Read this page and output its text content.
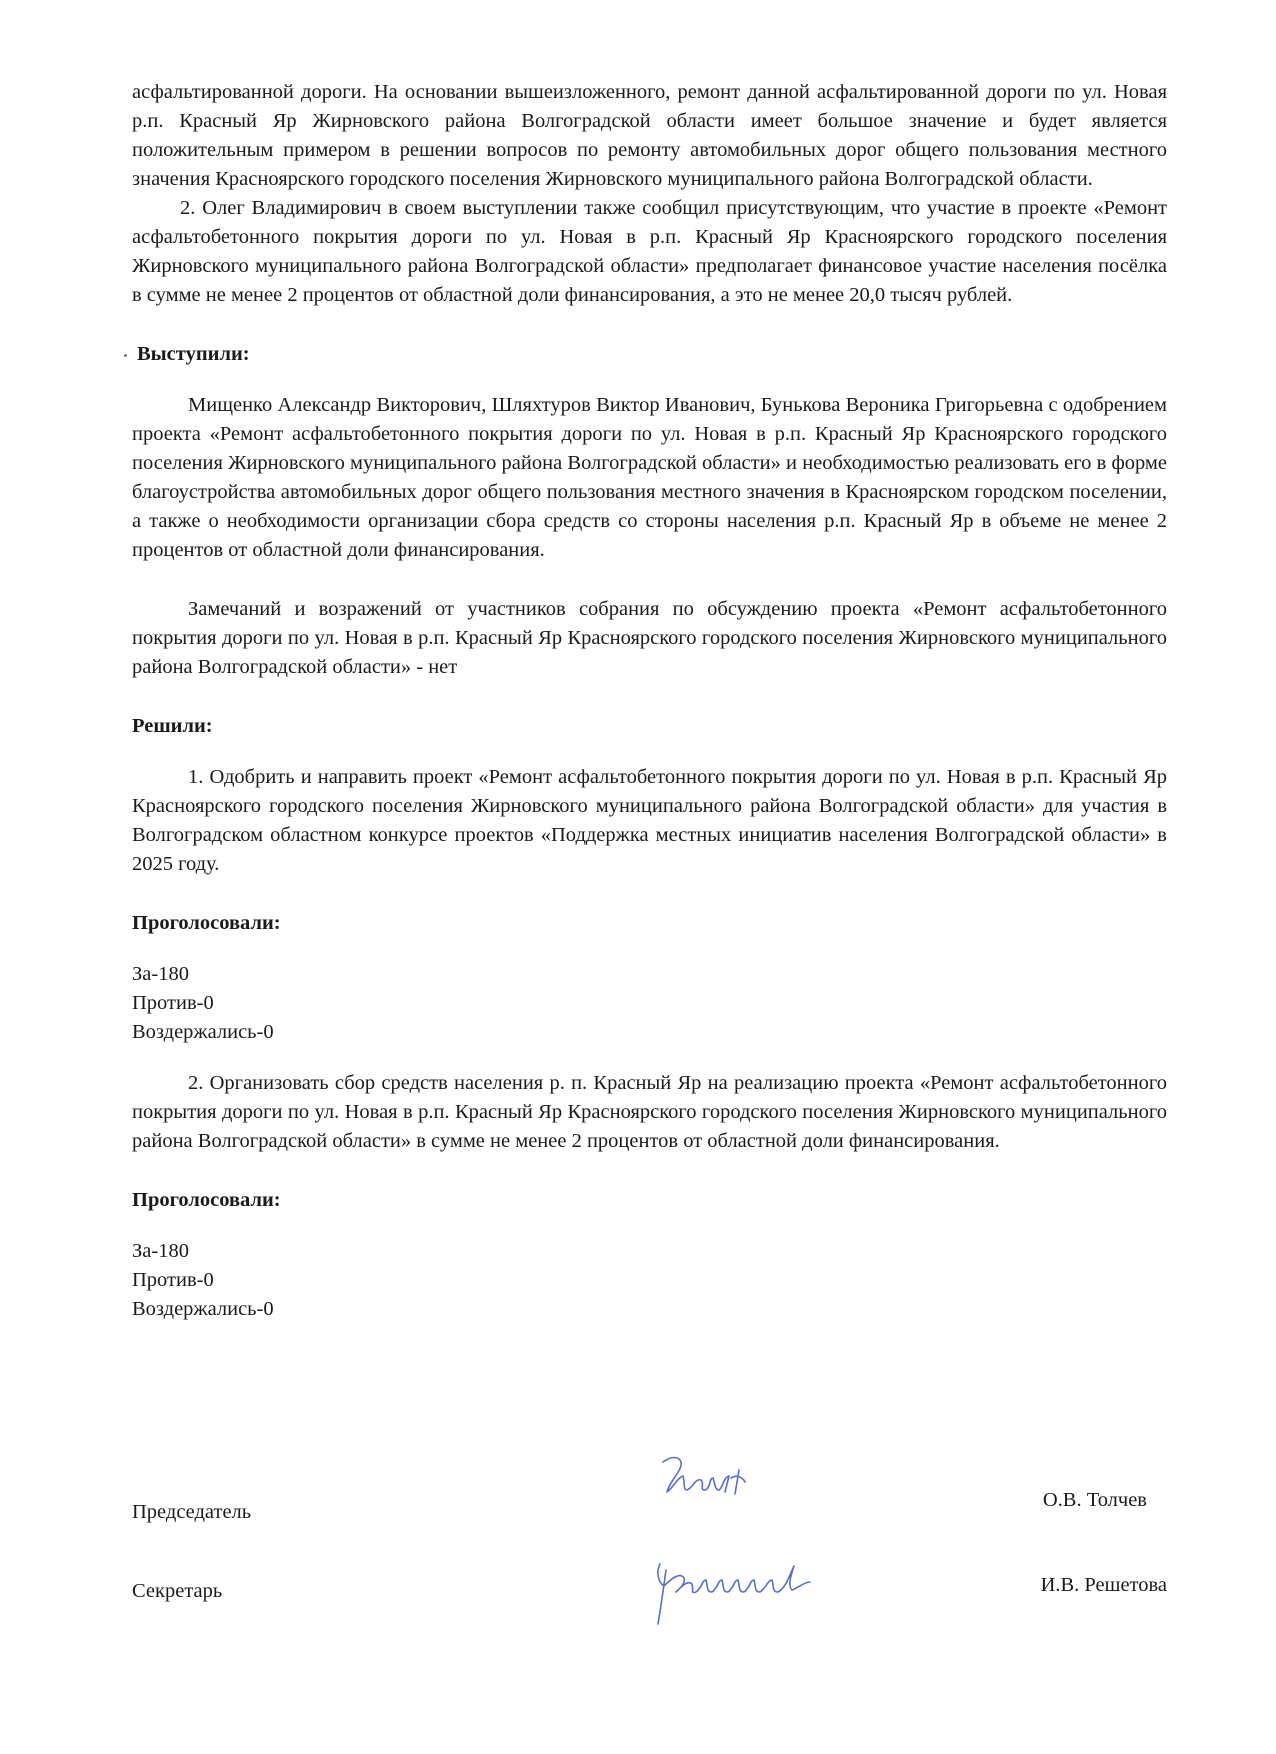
асфальтированной дороги. На основании вышеизложенного, ремонт данной асфальтированной дороги по ул. Новая р.п. Красный Яр Жирновского района Волгоградской области имеет большое значение и будет является положительным примером в решении вопросов по ремонту автомобильных дорог общего пользования местного значения Красноярского городского поселения Жирновского муниципального района Волгоградской области.

2. Олег Владимирович в своем выступлении также сообщил присутствующим, что участие в проекте «Ремонт асфальтобетонного покрытия дороги по ул. Новая в р.п. Красный Яр Красноярского городского поселения Жирновского муниципального района Волгоградской области» предполагает финансовое участие населения посёлка в сумме не менее 2 процентов от областной доли финансирования, а это не менее 20,0 тысяч рублей.

Выступили:

Мищенко Александр Викторович, Шляхтуров Виктор Иванович, Бунькова Вероника Григорьевна с одобрением проекта «Ремонт асфальтобетонного покрытия дороги по ул. Новая в р.п. Красный Яр Красноярского городского поселения Жирновского муниципального района Волгоградской области» и необходимостью реализовать его в форме благоустройства автомобильных дорог общего пользования местного значения в Красноярском городском поселении, а также о необходимости организации сбора средств со стороны населения р.п. Красный Яр в объеме не менее 2 процентов от областной доли финансирования.

Замечаний и возражений от участников собрания по обсуждению проекта «Ремонт асфальтобетонного покрытия дороги по ул. Новая в р.п. Красный Яр Красноярского городского поселения Жирновского муниципального района Волгоградской области» - нет

Решили:

1. Одобрить и направить проект «Ремонт асфальтобетонного покрытия дороги по ул. Новая в р.п. Красный Яр Красноярского городского поселения Жирновского муниципального района Волгоградской области» для участия в Волгоградском областном конкурсе проектов «Поддержка местных инициатив населения Волгоградской области» в 2025 году.

Проголосовали:

За-180

Против-0

Воздержались-0

2. Организовать сбор средств населения р. п. Красный Яр на реализацию проекта «Ремонт асфальтобетонного покрытия дороги по ул. Новая в р.п. Красный Яр Красноярского городского поселения Жирновского муниципального района Волгоградской области» в сумме не менее 2 процентов от областной доли финансирования.

Проголосовали:

За-180

Против-0

Воздержались-0

Председатель
О.В. Толчев
Секретарь	И.В. Решетова
